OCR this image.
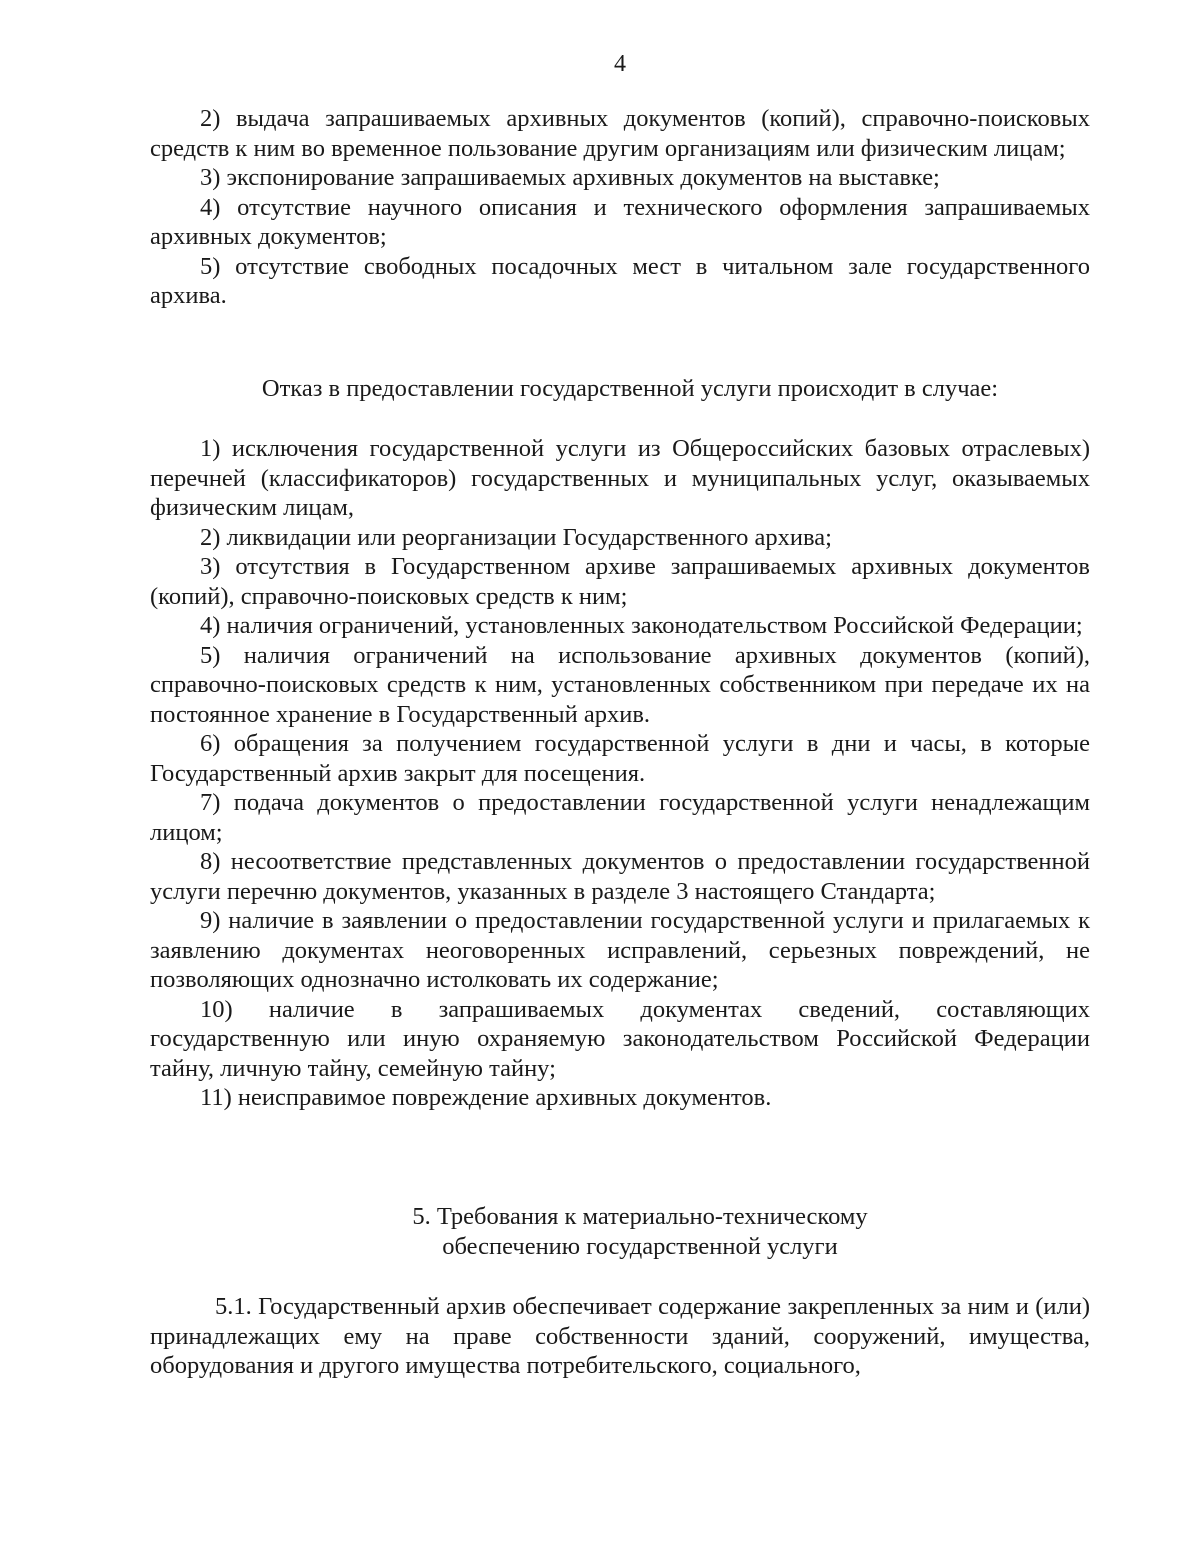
4

2) выдача запрашиваемых архивных документов (копий), справочно-поисковых средств к ним во временное пользование другим организациям или физическим лицам;

3) экспонирование запрашиваемых архивных документов на выставке;

4) отсутствие научного описания и технического оформления запрашиваемых архивных документов;

5) отсутствие свободных посадочных мест в читальном зале государственного архива.

Отказ в предоставлении государственной услуги происходит в случае:

1) исключения государственной услуги из Общероссийских базовых отраслевых) перечней (классификаторов) государственных и муниципальных услуг, оказываемых физическим лицам,

2) ликвидации или реорганизации Государственного архива;

3) отсутствия в Государственном архиве запрашиваемых архивных документов (копий), справочно-поисковых средств к ним;

4) наличия ограничений, установленных законодательством Российской Федерации;

5) наличия ограничений на использование архивных документов (копий), справочно-поисковых средств к ним, установленных собственником при передаче их на постоянное хранение в Государственный архив.

6) обращения за получением государственной услуги в дни и часы, в которые Государственный архив закрыт для посещения.

7) подача документов о предоставлении государственной услуги ненадлежащим лицом;

8) несоответствие представленных документов о предоставлении государственной услуги перечню документов, указанных в разделе 3 настоящего Стандарта;

9) наличие в заявлении о предоставлении государственной услуги и прилагаемых к заявлению документах неоговоренных исправлений, серьезных повреждений, не позволяющих однозначно истолковать их содержание;

10) наличие в запрашиваемых документах сведений, составляющих государственную или иную охраняемую законодательством Российской Федерации тайну, личную тайну, семейную тайну;

11) неисправимое повреждение архивных документов.

5. Требования к материально-техническому
обеспечению государственной услуги

5.1. Государственный архив обеспечивает содержание закрепленных за ним и (или) принадлежащих ему на праве собственности зданий, сооружений, имущества, оборудования и другого имущества потребительского, социального,
